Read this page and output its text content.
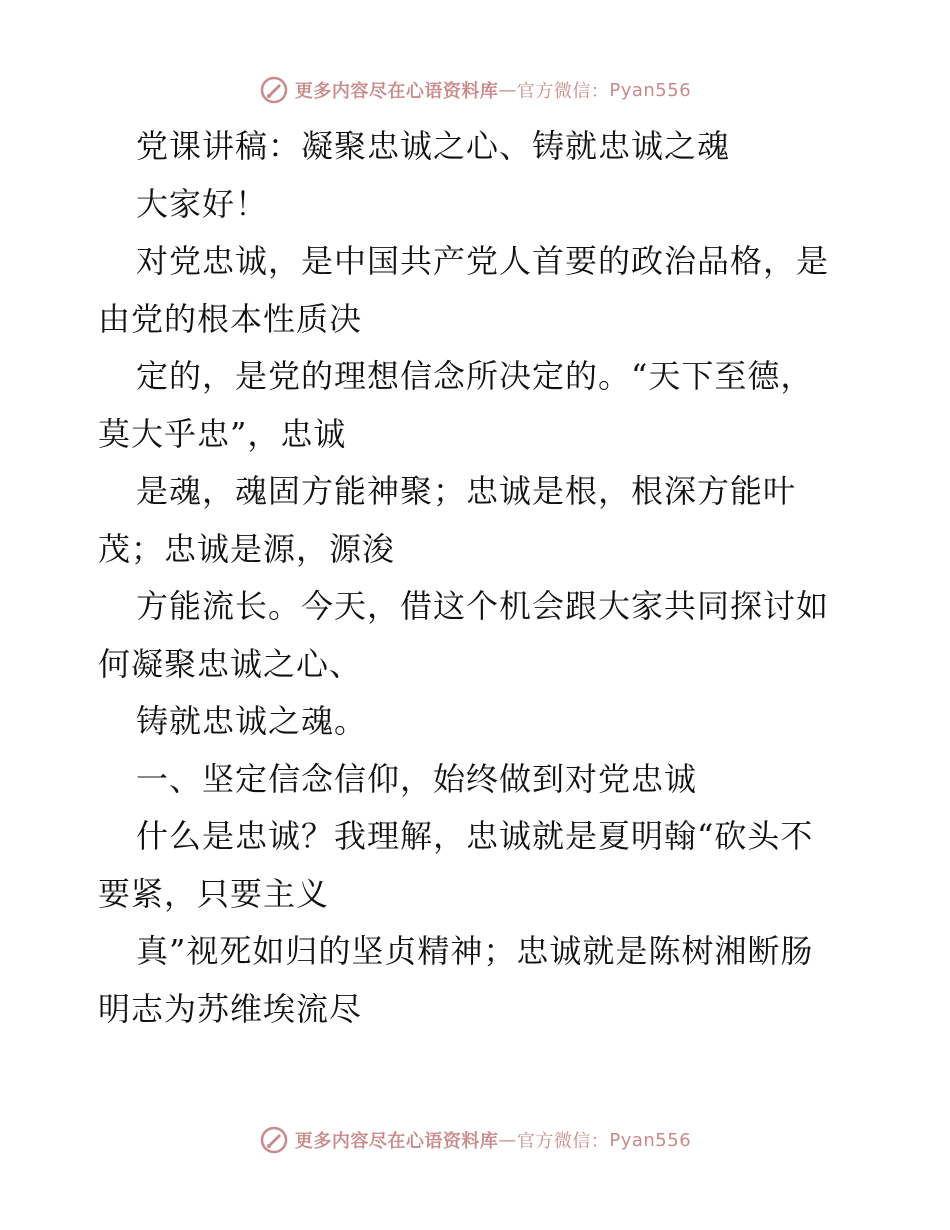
更多内容尽在心语资料库 — 官方微信： Pyan556
党课讲稿：凝聚忠诚之心、铸就忠诚之魂
大家好！
对党忠诚，是中国共产党人首要的政治品格，是
由党的根本性质决
定的，是党的理想信念所决定的。“天下至德，
莫大乎忠”，忠诚
是魂，魂固方能神聚；忠诚是根，根深方能叶
茂；忠诚是源，源浚
方能流长。今天，借这个机会跟大家共同探讨如
何凝聚忠诚之心、
铸就忠诚之魂。
一、坚定信念信仰，始终做到对党忠诚
什么是忠诚？我理解，忠诚就是夏明翰“砍头不
要紧，只要主义
真”视死如归的坚贞精神；忠诚就是陈树湘断肠
明志为苏维埃流尽
更多内容尽在心语资料库 — 官方微信： Pyan556
